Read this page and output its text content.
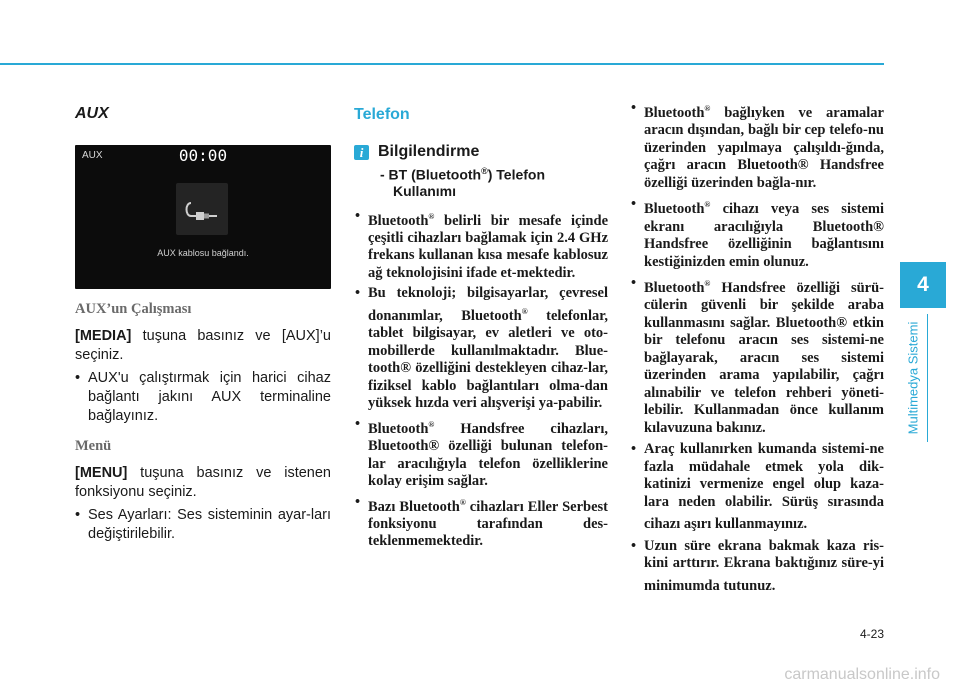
AUX
AUX	00:00
AUX kablosu bağlandı.
AUX’un Çalışması

[MEDIA] tuşuna basınız ve [AUX]’u seçiniz.

• AUX'u çalıştırmak için harici cihaz bağlantı jakını AUX terminaline bağlayınız.
Menü

[MENU] tuşuna basınız ve istenen fonksiyonu seçiniz.

• Ses Ayarları: Ses sisteminin ayar-ları değiştirilebilir.
Telefon
i Bilgilendirme
- BT (Bluetooth®) Telefon
Kullanımı
• Bluetooth® belirli bir mesafe içinde çeşitli cihazları bağlamak için 2.4 GHz frekans kullanan kısa mesafe kablosuz ağ teknolojisini ifade et-mektedir.
• Bu teknoloji; bilgisayarlar, çevresel donanımlar, Bluetooth® telefonlar, tablet bilgisayar, ev aletleri ve oto-mobillerde kullanılmaktadır. Blue-tooth® özelliğini destekleyen cihaz-lar, fiziksel kablo bağlantıları olma-dan yüksek hızda veri alışverişi ya-pabilir.
• Bluetooth® Handsfree cihazları, Bluetooth® özelliği bulunan telefon-lar aracılığıyla telefon özelliklerine kolay erişim sağlar.
• Bazı Bluetooth® cihazları Eller Serbest fonksiyonu tarafından des-teklenmemektedir.
• Bluetooth® bağlıyken ve aramalar aracın dışından, bağlı bir cep telefo-nu üzerinden yapılmaya çalışıldı-ğında, çağrı aracın Bluetooth® Handsfree özelliği üzerinden bağla-nır.
• Bluetooth® cihazı veya ses sistemi ekranı aracılığıyla Bluetooth® Handsfree özelliğinin bağlantısını kestiğinizden emin olunuz.
• Bluetooth® Handsfree özelliği sürü-cülerin güvenli bir şekilde araba kullanmasını sağlar. Bluetooth® etkin bir telefonu aracın ses sistemi-ne bağlayarak, aracın ses sistemi üzerinden arama yapılabilir, çağrı alınabilir ve telefon rehberi yöneti-lebilir. Kullanmadan önce kullanım kılavuzuna bakınız.
• Araç kullanırken kumanda sistemi-ne fazla müdahale etmek yola dik-katinizi vermenize engel olup kaza-lara neden olabilir. Sürüş sırasında cihazı aşırı kullanmayınız.
• Uzun süre ekrana bakmak kaza ris-kini arttırır. Ekrana baktığınız süre-yi minimumda tutunuz.
4
Multimedya Sistemi
4-23
carmanualsonline.info
